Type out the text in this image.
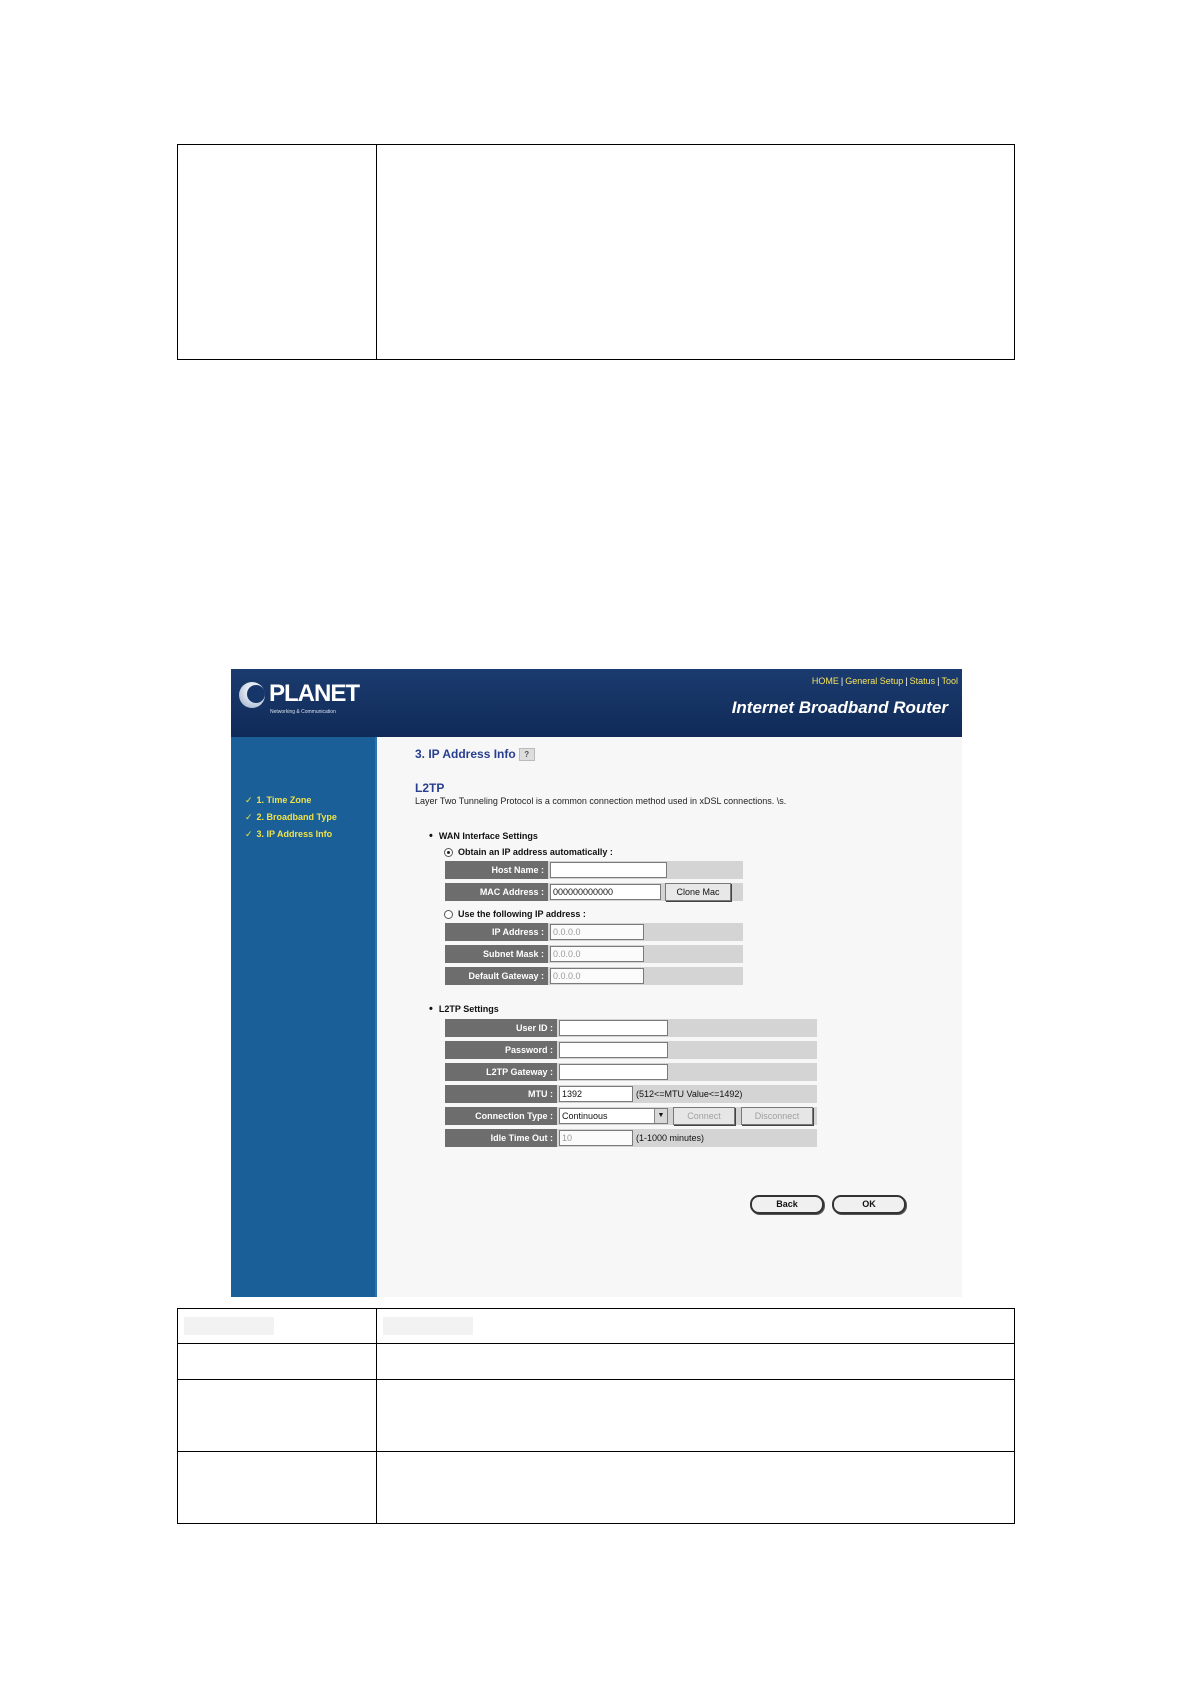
PLANET
Networking & Communication
HOME | General Setup | Status | Tool
Internet Broadband Router
✓ 1. Time Zone
✓ 2. Broadband Type
✓ 3. IP Address Info
3. IP Address Info ?
L2TP
Layer Two Tunneling Protocol is a common connection method used in xDSL connections. \s.
• WAN Interface Settings
Obtain an IP address automatically :
Host Name :
MAC Address :	000000000000	Clone Mac
Use the following IP address :
IP Address :	0.0.0.0
Subnet Mask :	0.0.0.0
Default Gateway :	0.0.0.0
• L2TP Settings
User ID :
Password :
L2TP Gateway :
MTU :	1392	(512<=MTU Value<=1492)
Connection Type :	Continuous	▼	Connect	Disconnect
Idle Time Out :	10	(1-1000 minutes)
Back	OK
